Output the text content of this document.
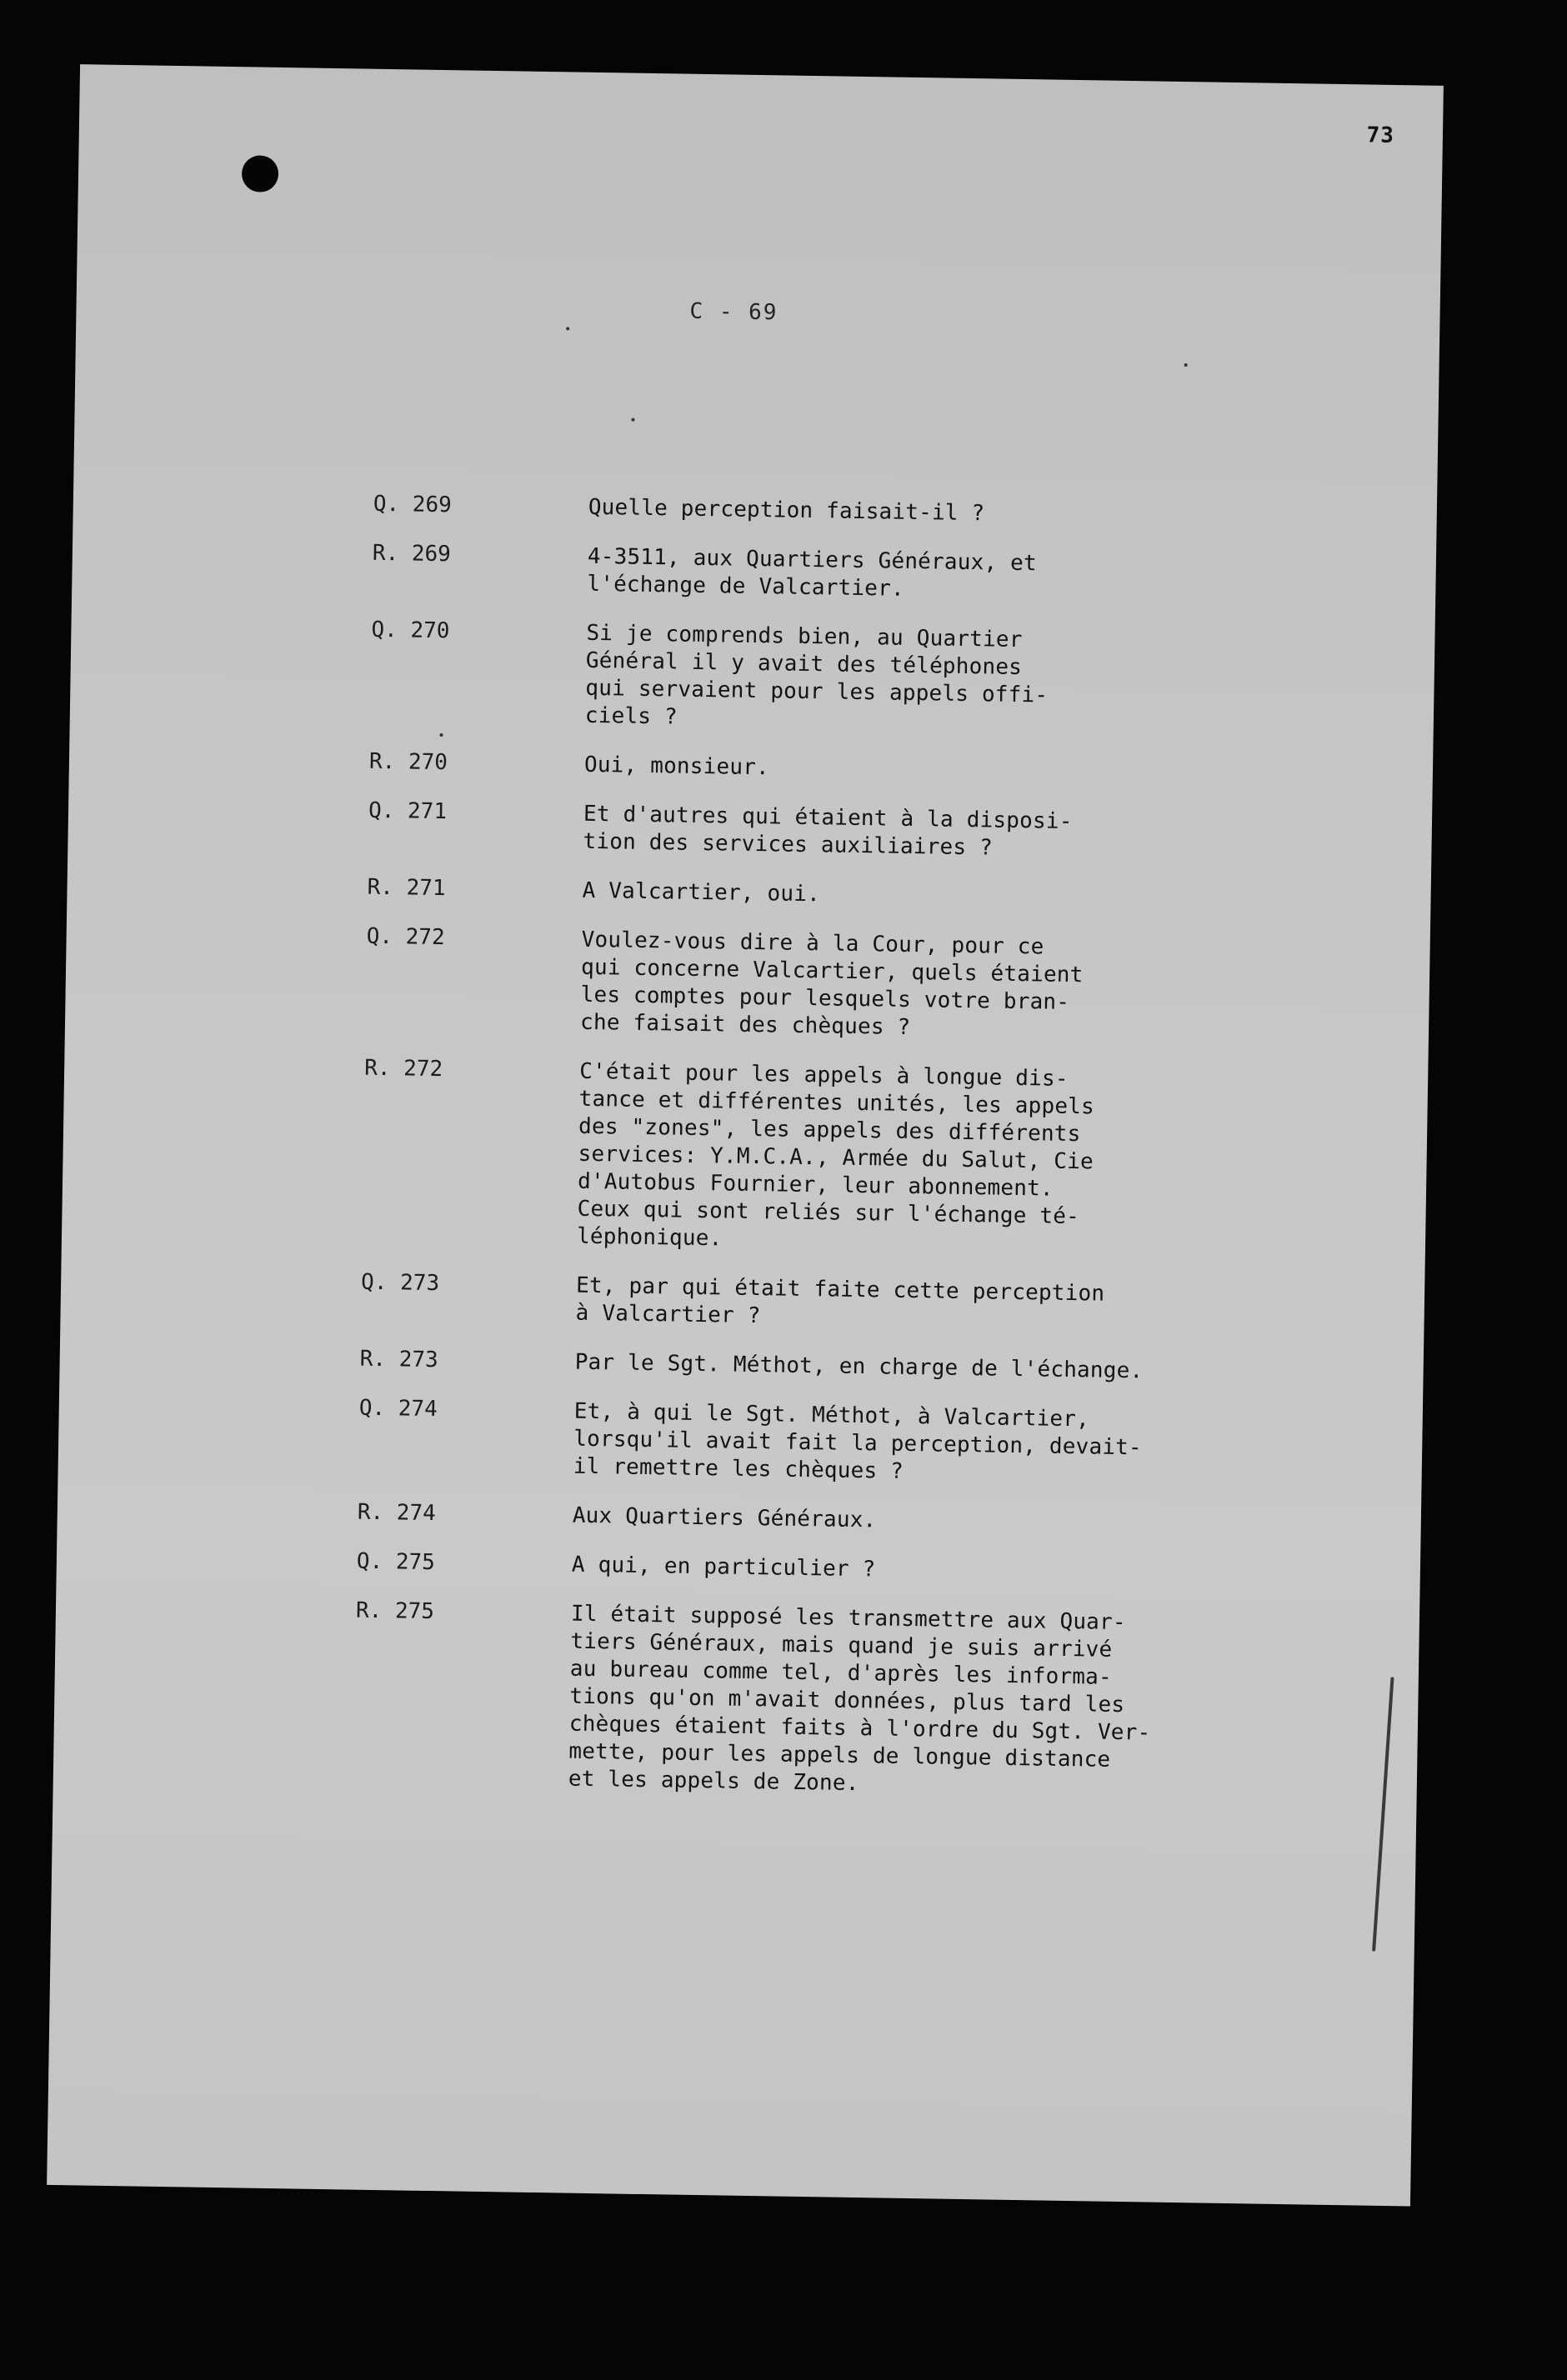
73
C - 69
Q. 269	Quelle perception faisait-il ?
R. 269	4-3511, aux Quartiers Généraux, et
l'échange de Valcartier.
Q. 270	Si je comprends bien, au Quartier
Général il y avait des téléphones
qui servaient pour les appels offi-
ciels ?
R. 270	Oui, monsieur.
Q. 271	Et d'autres qui étaient à la disposi-
tion des services auxiliaires ?
R. 271	A Valcartier, oui.
Q. 272	Voulez-vous dire à la Cour, pour ce
qui concerne Valcartier, quels étaient
les comptes pour lesquels votre bran-
che faisait des chèques ?
R. 272	C'était pour les appels à longue dis-
tance et différentes unités, les appels
des "zones", les appels des différents
services: Y.M.C.A., Armée du Salut, Cie
d'Autobus Fournier, leur abonnement.
Ceux qui sont reliés sur l'échange té-
léphonique.
Q. 273	Et, par qui était faite cette perception
à Valcartier ?
R. 273	Par le Sgt. Méthot, en charge de l'échange.
Q. 274	Et, à qui le Sgt. Méthot, à Valcartier,
lorsqu'il avait fait la perception, devait-
il remettre les chèques ?
R. 274	Aux Quartiers Généraux.
Q. 275	A qui, en particulier ?
R. 275	Il était supposé les transmettre aux Quar-
tiers Généraux, mais quand je suis arrivé
au bureau comme tel, d'après les informa-
tions qu'on m'avait données, plus tard les
chèques étaient faits à l'ordre du Sgt. Ver-
mette, pour les appels de longue distance
et les appels de Zone.
